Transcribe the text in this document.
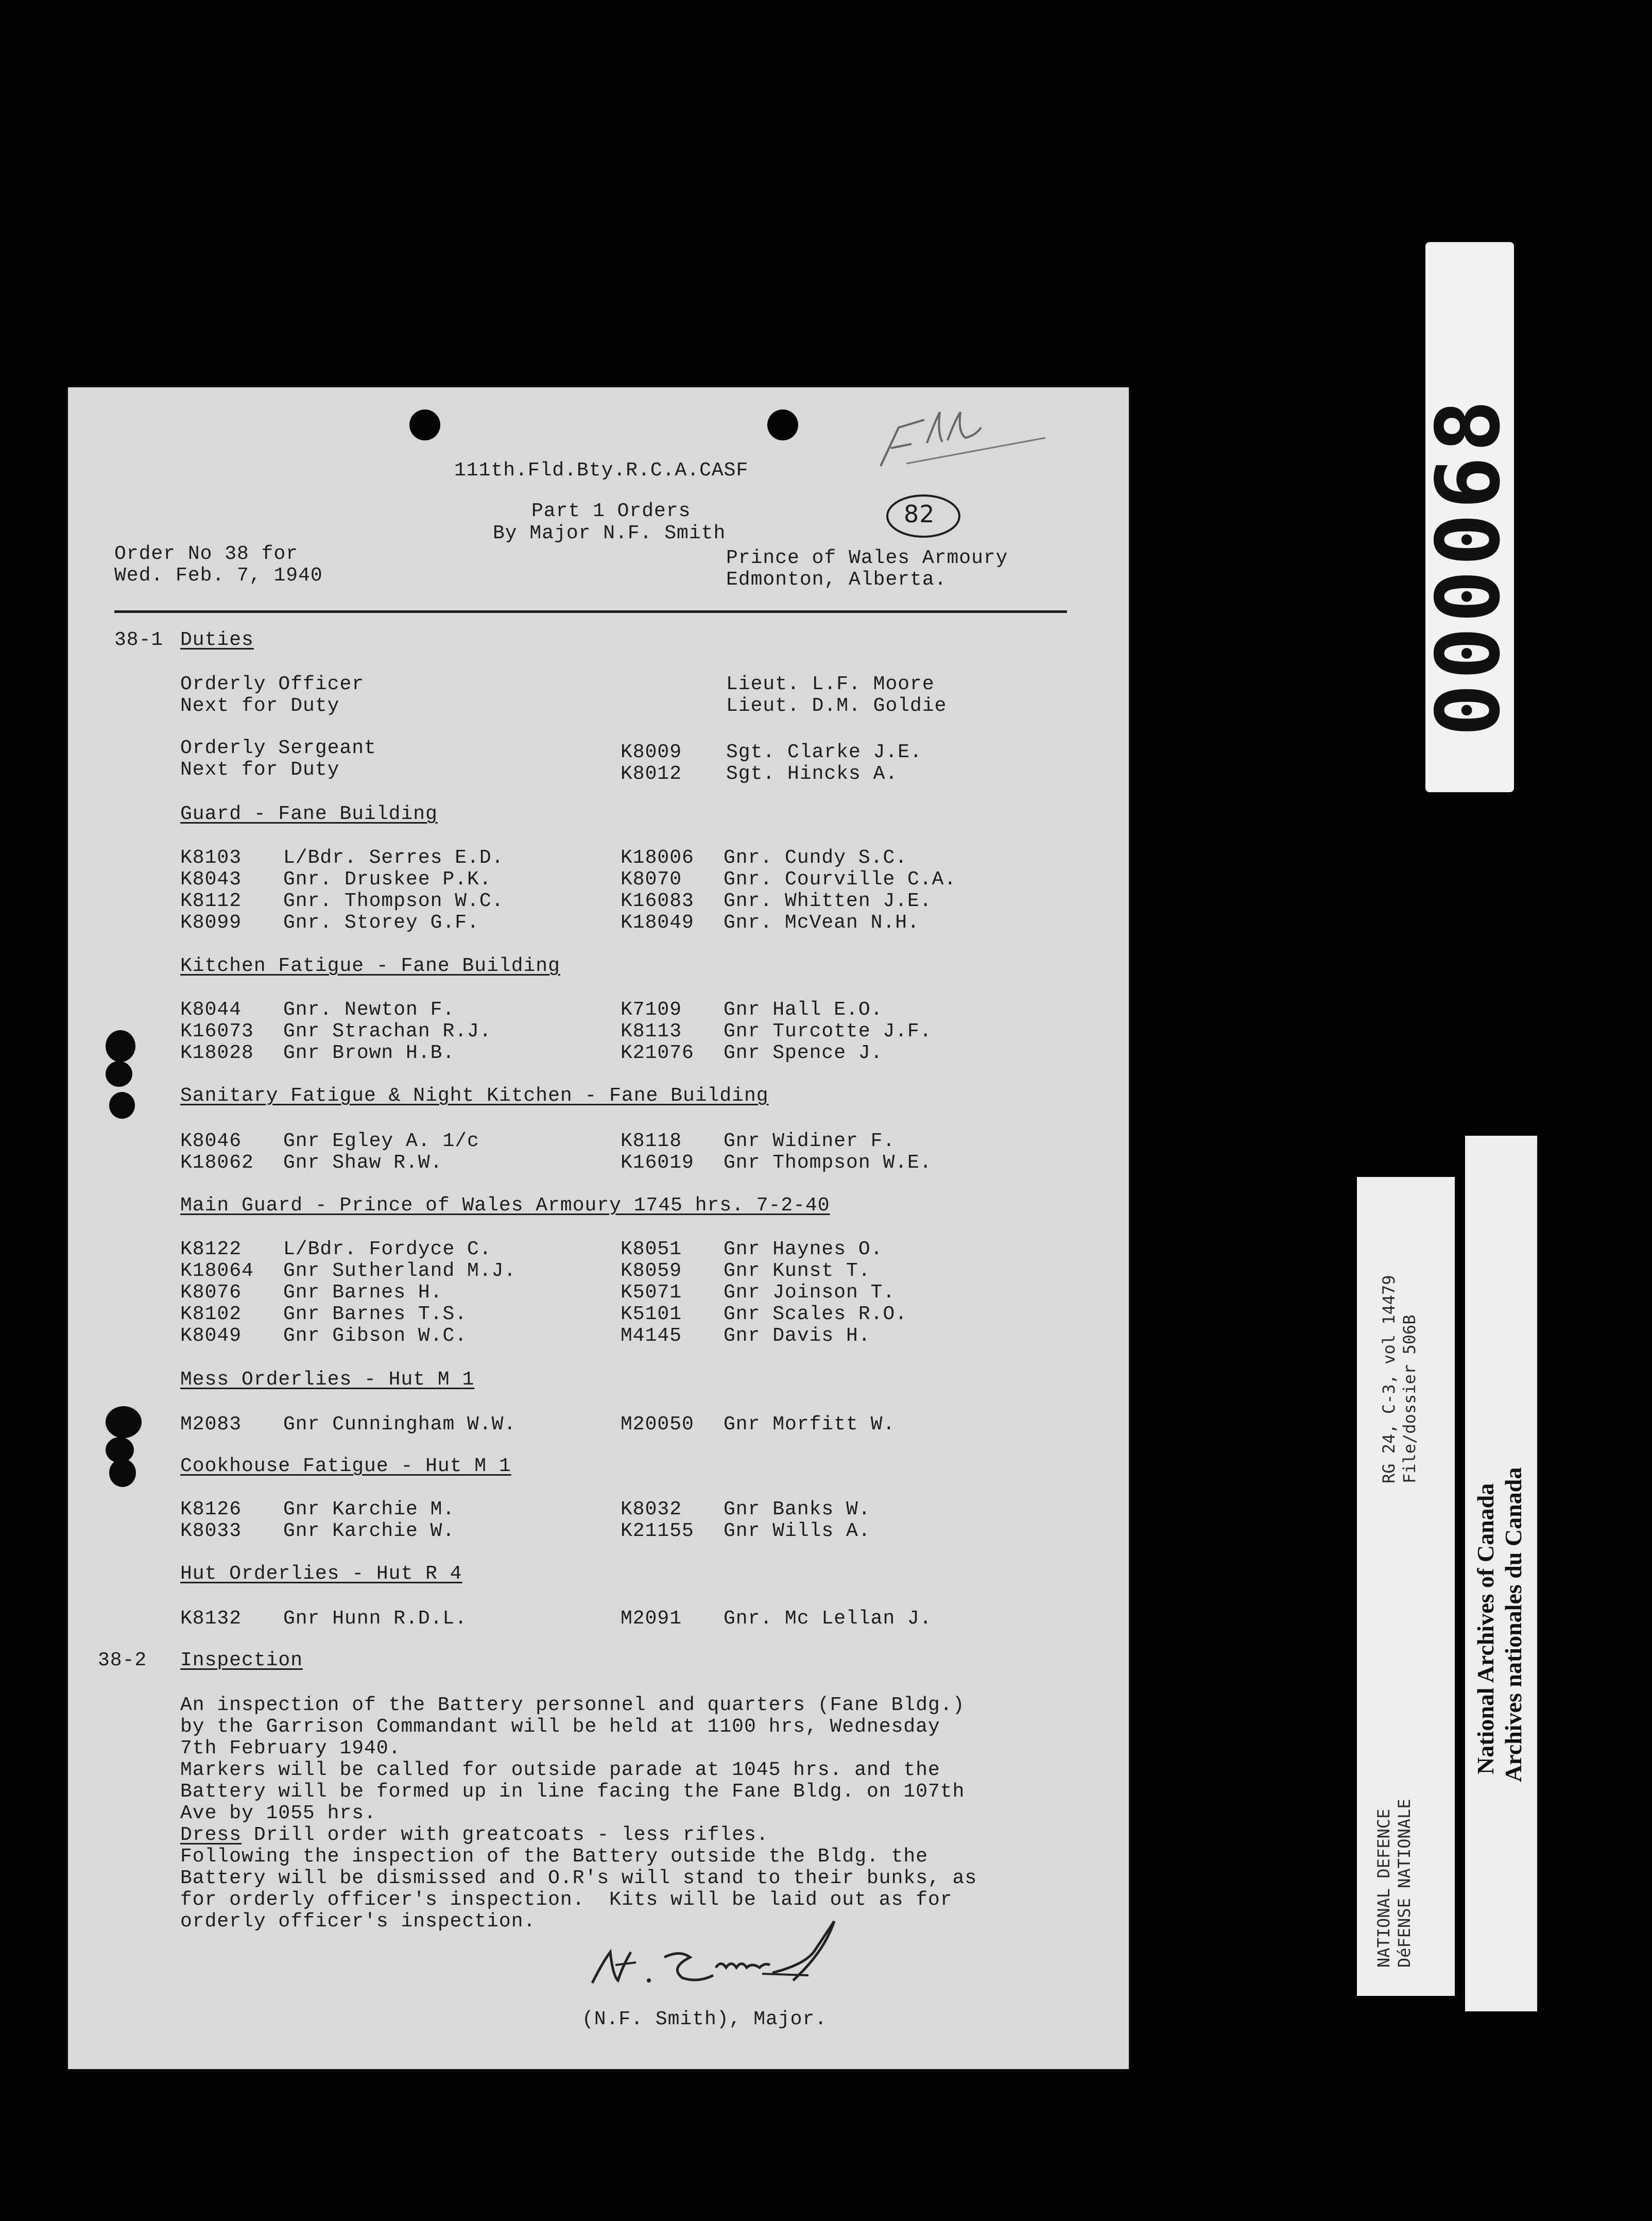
82
111th.Fld.Bty.R.C.A.CASF
Part 1 Orders
By Major N.F. Smith
Order No 38 for
Wed. Feb. 7, 1940
Prince of Wales Armoury
Edmonton, Alberta.
38-1 Duties
Orderly Officer	Lieut. L.F. Moore
Next for Duty	Lieut. D.M. Goldie
Orderly Sergeant	K8009 Sgt. Clarke J.E.
Next for Duty	K8012 Sgt. Hincks A.
Guard - Fane Building
K8103 L/Bdr. Serres E.D.	K18006 Gnr. Cundy S.C.
K8043 Gnr. Druskee P.K.	K8070 Gnr. Courville C.A.
K8112 Gnr. Thompson W.C.	K16083 Gnr. Whitten J.E.
K8099 Gnr. Storey G.F.	K18049 Gnr. McVean N.H.
Kitchen Fatigue - Fane Building
K8044 Gnr. Newton F.	K7109 Gnr Hall E.O.
K16073 Gnr Strachan R.J.	K8113 Gnr Turcotte J.F.
K18028 Gnr Brown H.B.	K21076 Gnr Spence J.
Sanitary Fatigue & Night Kitchen - Fane Building
K8046 Gnr Egley A. 1/c	K8118 Gnr Widiner F.
K18062 Gnr Shaw R.W.	K16019 Gnr Thompson W.E.
Main Guard - Prince of Wales Armoury 1745 hrs. 7-2-40
K8122 L/Bdr. Fordyce C.	K8051 Gnr Haynes O.
K18064 Gnr Sutherland M.J.	K8059 Gnr Kunst T.
K8076 Gnr Barnes H.	K5071 Gnr Joinson T.
K8102 Gnr Barnes T.S.	K5101 Gnr Scales R.O.
K8049 Gnr Gibson W.C.	M4145 Gnr Davis H.
Mess Orderlies - Hut M 1
M2083 Gnr Cunningham W.W.	M20050 Gnr Morfitt W.
Cookhouse Fatigue - Hut M 1
K8126 Gnr Karchie M.	K8032 Gnr Banks W.
K8033 Gnr Karchie W.	K21155 Gnr Wills A.
Hut Orderlies - Hut R 4
K8132 Gnr Hunn R.D.L.	M2091 Gnr. Mc Lellan J.
38-2 Inspection
An inspection of the Battery personnel and quarters (Fane Bldg.)
by the Garrison Commandant will be held at 1100 hrs, Wednesday
7th February 1940.
Markers will be called for outside parade at 1045 hrs. and the
Battery will be formed up in line facing the Fane Bldg. on 107th
Ave by 1055 hrs.
Dress Drill order with greatcoats - less rifles.
Following the inspection of the Battery outside the Bldg. the
Battery will be dismissed and O.R's will stand to their bunks, as
for orderly officer's inspection.  Kits will be laid out as for
orderly officer's inspection.
(N.F. Smith), Major.
000068
RG 24, C-3, vol 14479 File/dossier 506B
NATIONAL DEFENCE DéFENSE NATIONALE
National Archives of Canada Archives nationales du Canada
